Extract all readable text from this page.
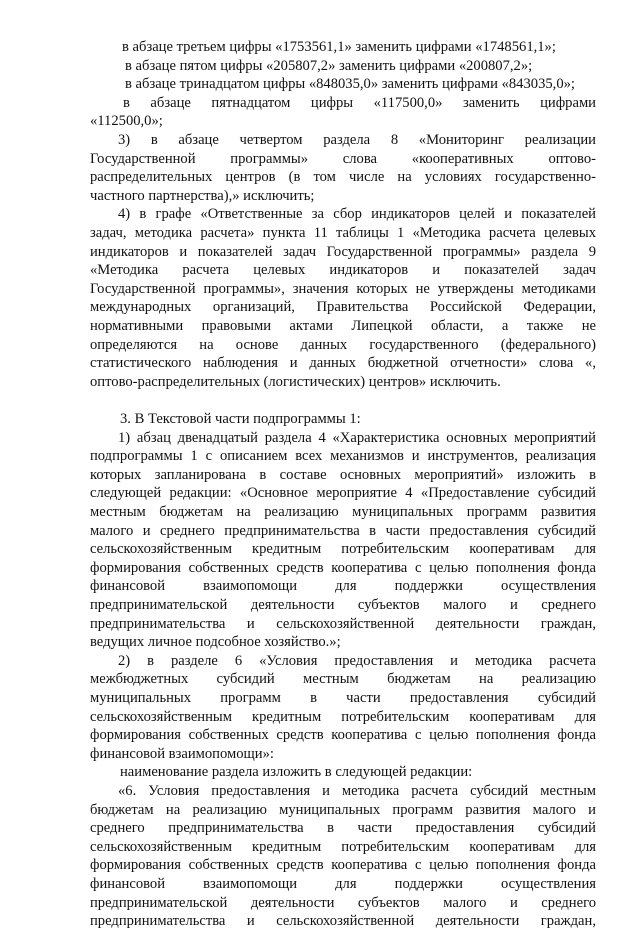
в абзаце третьем цифры «1753561,1» заменить цифрами «1748561,1»;
в абзаце пятом цифры «205807,2» заменить цифрами «200807,2»;
в абзаце тринадцатом цифры «848035,0» заменить цифрами «843035,0»;
в абзаце пятнадцатом цифры «117500,0» заменить цифрами
«112500,0»;
3) в абзаце четвертом раздела 8 «Мониторинг реализации
Государственной программы» слова «кооперативных оптово-
распределительных центров (в том числе на условиях государственно-
частного партнерства),» исключить;
4) в графе «Ответственные за сбор индикаторов целей и показателей
задач, методика расчета» пункта 11 таблицы 1 «Методика расчета целевых
индикаторов и показателей задач Государственной программы» раздела 9
«Методика расчета целевых индикаторов и показателей задач
Государственной программы», значения которых не утверждены методиками
международных организаций, Правительства Российской Федерации,
нормативными правовыми актами Липецкой области, а также не
определяются на основе данных государственного (федерального)
статистического наблюдения и данных бюджетной отчетности» слова «,
оптово-распределительных (логистических) центров» исключить.
3. В Текстовой части подпрограммы 1:
1) абзац двенадцатый раздела 4 «Характеристика основных мероприятий
подпрограммы 1 с описанием всех механизмов и инструментов, реализация
которых запланирована в составе основных мероприятий» изложить в
следующей редакции: «Основное мероприятие 4 «Предоставление субсидий
местным бюджетам на реализацию муниципальных программ развития
малого и среднего предпринимательства в части предоставления субсидий
сельскохозяйственным кредитным потребительским кооперативам для
формирования собственных средств кооператива с целью пополнения фонда
финансовой взаимопомощи для поддержки осуществления
предпринимательской деятельности субъектов малого и среднего
предпринимательства и сельскохозяйственной деятельности граждан,
ведущих личное подсобное хозяйство.»;
2) в разделе 6 «Условия предоставления и методика расчета
межбюджетных субсидий местным бюджетам на реализацию
муниципальных программ в части предоставления субсидий
сельскохозяйственным кредитным потребительским кооперативам для
формирования собственных средств кооператива с целью пополнения фонда
финансовой взаимопомощи»:
наименование раздела изложить в следующей редакции:
«6. Условия предоставления и методика расчета субсидий местным
бюджетам на реализацию муниципальных программ развития малого и
среднего предпринимательства в части предоставления субсидий
сельскохозяйственным кредитным потребительским кооперативам для
формирования собственных средств кооператива с целью пополнения фонда
финансовой взаимопомощи для поддержки осуществления
предпринимательской деятельности субъектов малого и среднего
предпринимательства и сельскохозяйственной деятельности граждан,
